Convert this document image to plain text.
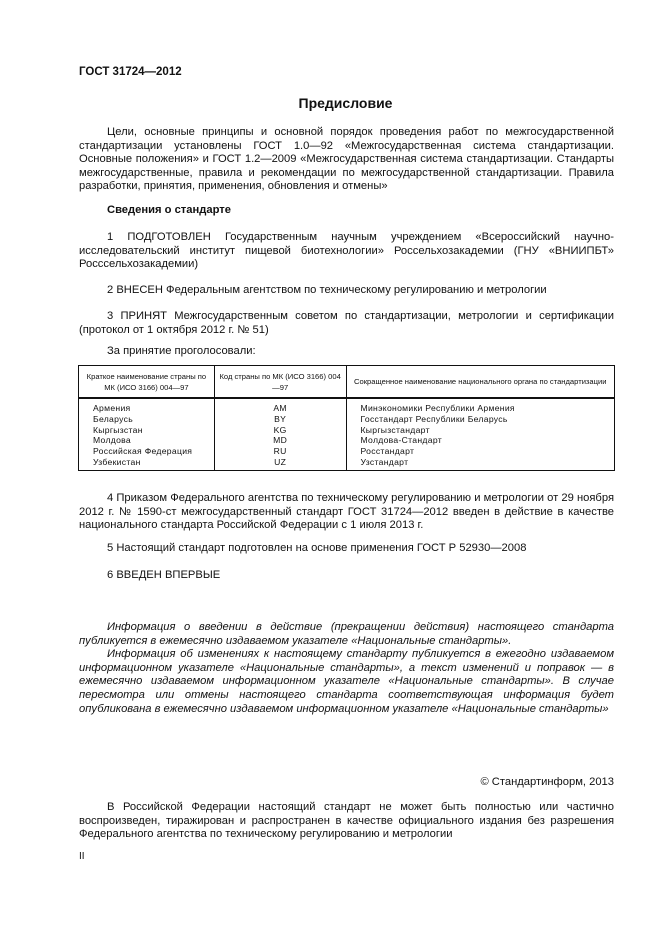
ГОСТ 31724—2012
Предисловие

Цели, основные принципы и основной порядок проведения работ по межгосударственной стандартизации установлены ГОСТ 1.0—92 «Межгосударственная система стандартизации. Основные положения» и ГОСТ 1.2—2009 «Межгосударственная система стандартизации. Стандарты межгосударственные, правила и рекомендации по межгосударственной стандартизации. Правила разработки, принятия, применения, обновления и отмены»

Сведения о стандарте

1 ПОДГОТОВЛЕН Государственным научным учреждением «Всероссийский научно-исследовательский институт пищевой биотехнологии» Россельхозакадемии (ГНУ «ВНИИПБТ» Росссельхозакадемии)

2 ВНЕСЕН Федеральным агентством по техническому регулированию и метрологии

3 ПРИНЯТ Межгосударственным советом по стандартизации, метрологии и сертификации (протокол от 1 октября 2012 г. № 51)

За принятие проголосовали:

Краткое наименование страны по МК (ИСО 3166) 004—97	Код страны по МК (ИСО 3166) 004—97	Сокращенное наименование национального органа по стандартизации
Армения	AM	Минэкономики Республики Армения
Беларусь	BY	Госстандарт Республики Беларусь
Кыргызстан	KG	Кыргызстандарт
Молдова	MD	Молдова-Стандарт
Российская Федерация	RU	Росстандарт
Узбекистан	UZ	Узстандарт

4 Приказом Федерального агентства по техническому регулированию и метрологии от 29 ноября 2012 г. № 1590-ст межгосударственный стандарт ГОСТ 31724—2012 введен в действие в качестве национального стандарта Российской Федерации с 1 июля 2013 г.

5 Настоящий стандарт подготовлен на основе применения ГОСТ Р 52930—2008

6 ВВЕДЕН ВПЕРВЫЕ

Информация о введении в действие (прекращении действия) настоящего стандарта публикуется в ежемесячно издаваемом указателе «Национальные стандарты».

Информация об изменениях к настоящему стандарту публикуется в ежегодно издаваемом информационном указателе «Национальные стандарты», а текст изменений и поправок — в ежемесячно издаваемом информационном указателе «Национальные стандарты». В случае пересмотра или отмены настоящего стандарта соответствующая информация будет опубликована в ежемесячно издаваемом информационном указателе «Национальные стандарты»

© Стандартинформ, 2013

В Российской Федерации настоящий стандарт не может быть полностью или частично воспроизведен, тиражирован и распространен в качестве официального издания без разрешения Федерального агентства по техническому регулированию и метрологии

II
